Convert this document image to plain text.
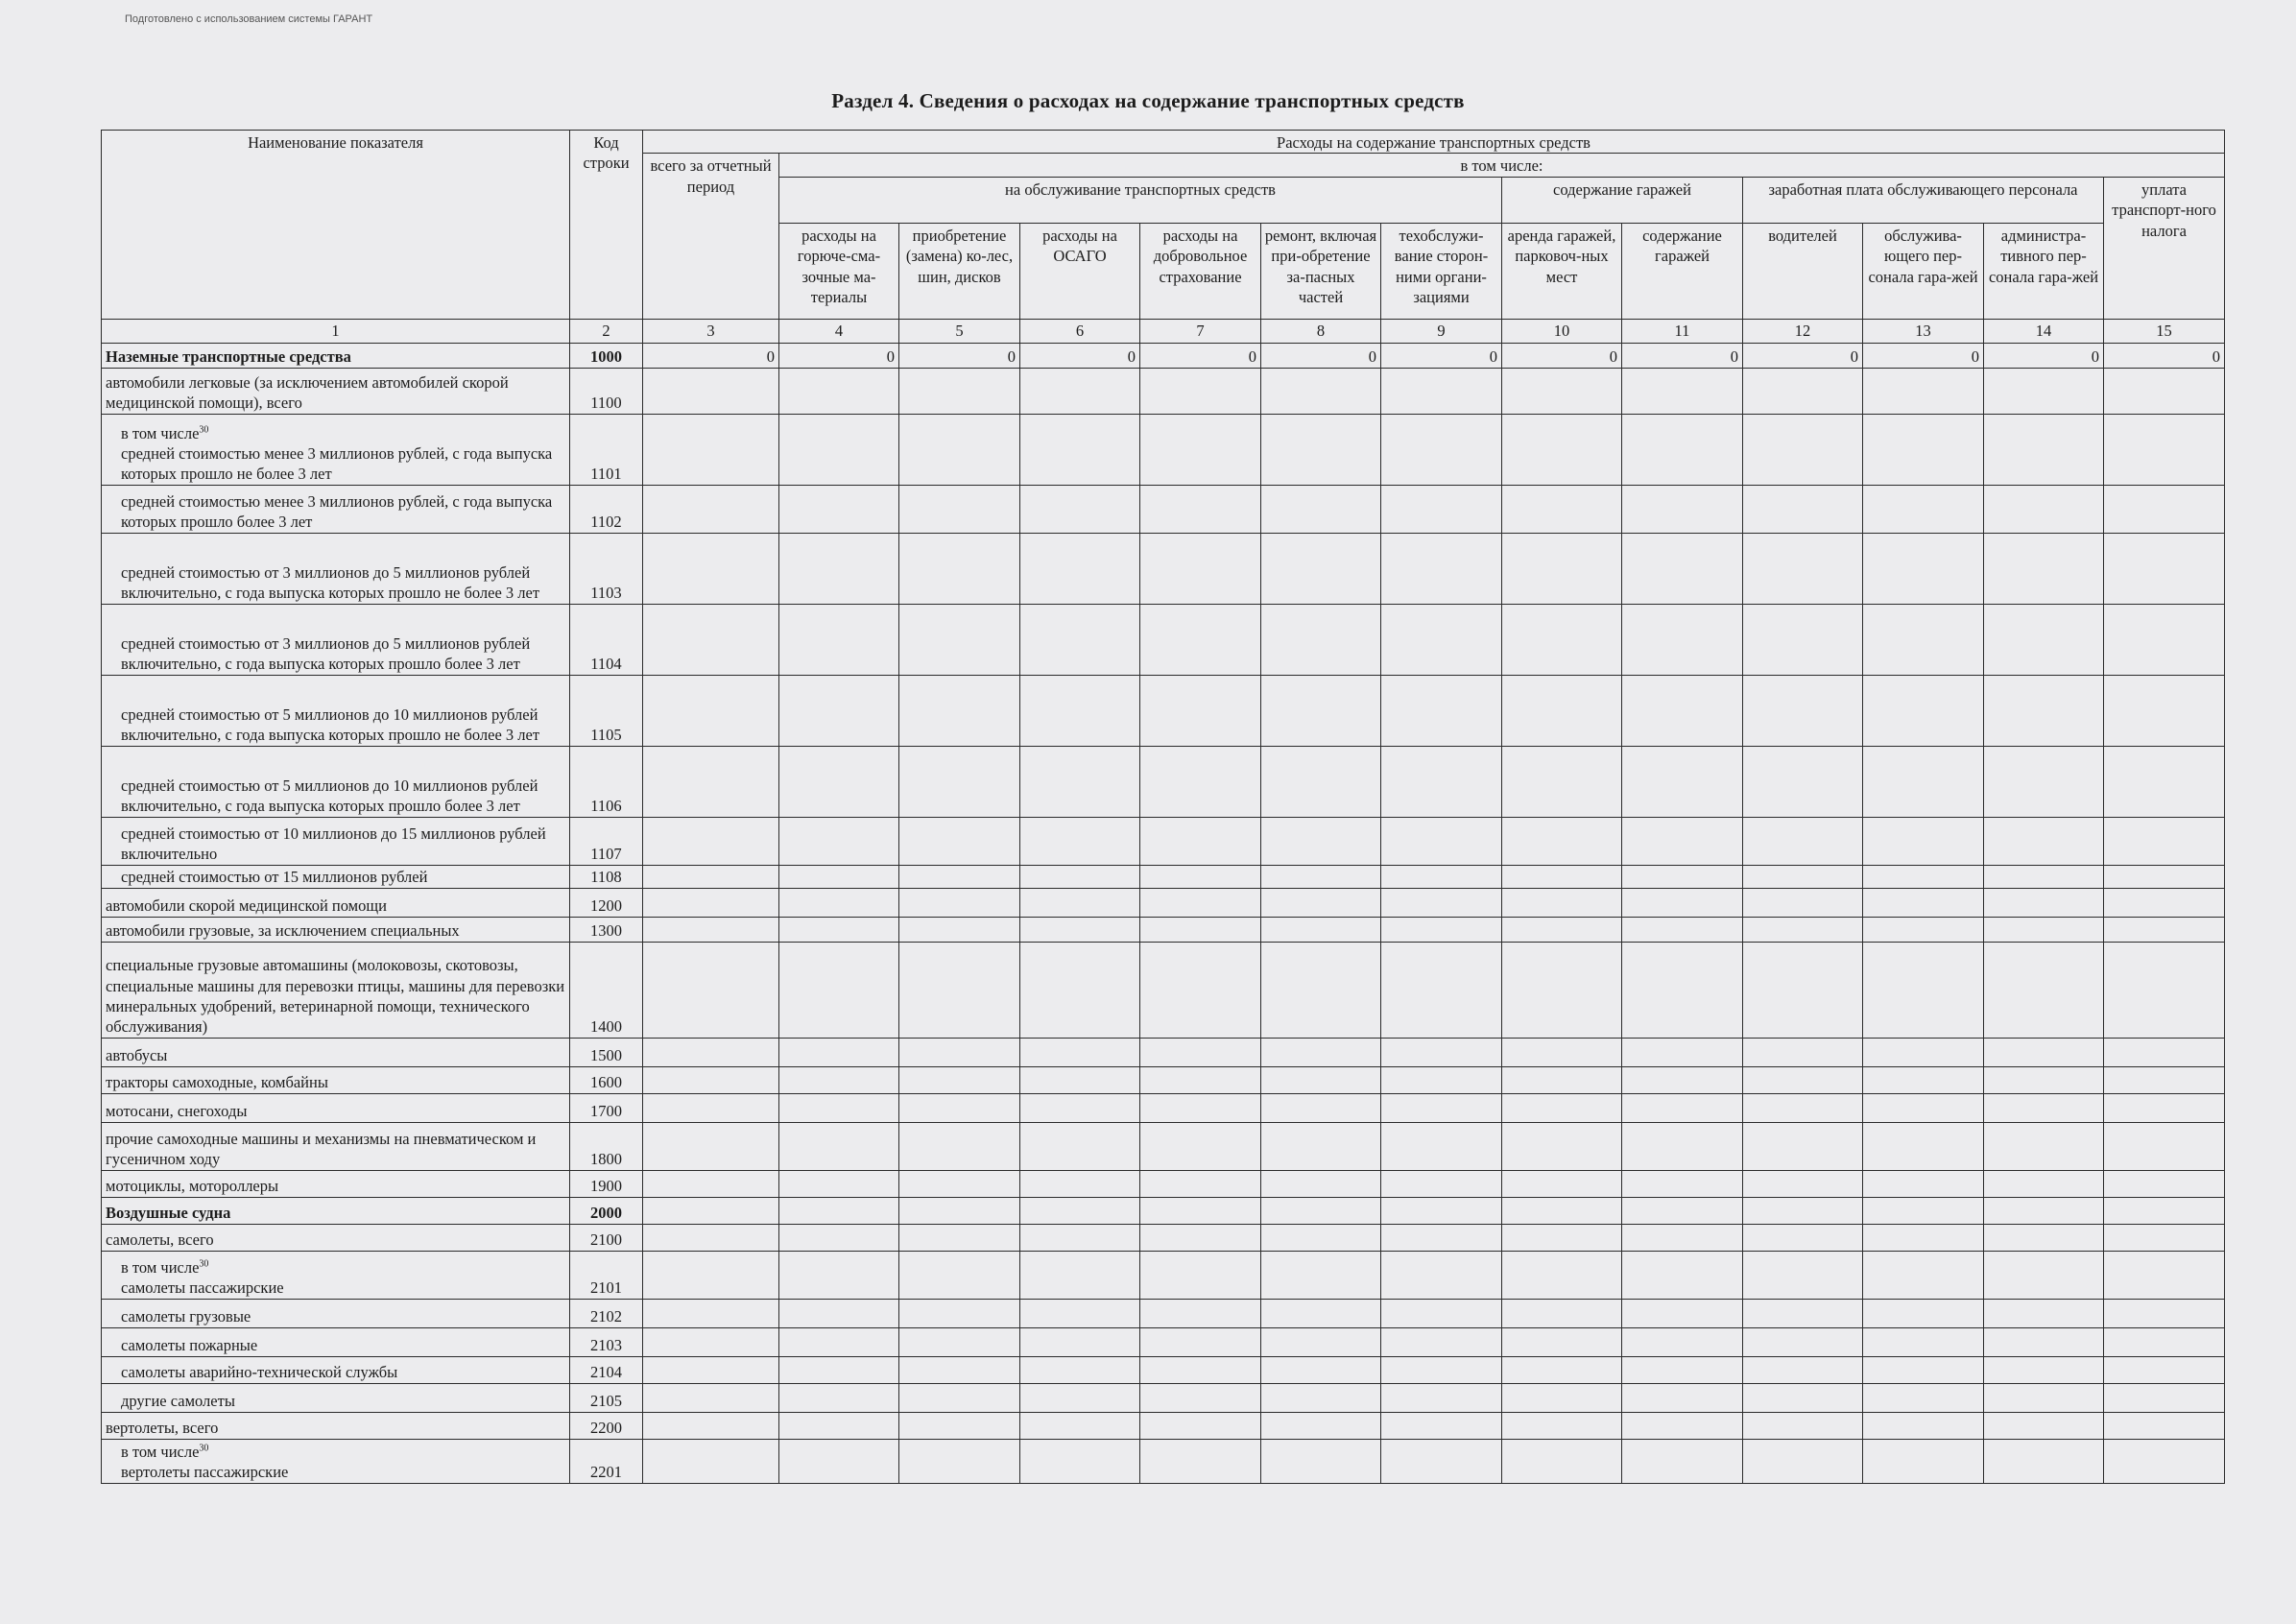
Подготовлено с использованием системы ГАРАНТ
Раздел 4. Сведения о расходах на содержание транспортных средств
Наименование показателя	Код строки	Расходы на содержание транспортных средств												
		всего за отчетный период	в том числе:											
			на обслуживание транспортных средств						содержание гаражей		заработная плата обслуживающего персонала			уплата транспорт-ного налога
			расходы на горюче-сма-зочные ма-териалы	приобретение (замена) ко-лес, шин, дисков	расходы на ОСАГО	расходы на добровольное страхование	ремонт, включая при-обретение за-пасных частей	техобслужи-вание сторон-ними органи-зациями	аренда гаражей, парковоч-ных мест	содержание гаражей	водителей	обслужива-ющего пер-сонала гара-жей	администра-тивного пер-сонала гара-жей	
1	2	3	4	5	6	7	8	9	10	11	12	13	14	15
Наземные транспортные средства	1000	0	0	0	0	0	0	0	0	0	0	0	0	0
автомобили легковые (за исключением автомобилей скорой медицинской помощи), всего	1100													

в том числе$^{30}$
средней стоимостью менее 3 миллионов рублей, с года выпуска которых прошло не более 3 лет	1101													
средней стоимостью менее 3 миллионов рублей, с года выпуска которых прошло более 3 лет	1102													
средней стоимостью от 3 миллионов до 5 миллионов рублей включительно, с года выпуска которых прошло не более 3 лет	1103													
средней стоимостью от 3 миллионов до 5 миллионов рублей включительно, с года выпуска которых прошло более 3 лет	1104													
средней стоимостью от 5 миллионов до 10 миллионов рублей включительно, с года выпуска которых прошло не более 3 лет	1105													
средней стоимостью от 5 миллионов до 10 миллионов рублей включительно, с года выпуска которых прошло более 3 лет	1106													
средней стоимостью от 10 миллионов до 15 миллионов рублей включительно	1107													
средней стоимостью от 15 миллионов рублей	1108													
автомобили скорой медицинской помощи	1200													
автомобили грузовые, за исключением специальных	1300													
специальные грузовые автомашины (молоковозы, скотовозы, специальные машины для перевозки птицы, машины для перевозки минеральных удобрений, ветеринарной помощи, технического обслуживания)	1400													
автобусы	1500													
тракторы самоходные, комбайны	1600													
мотосани, снегоходы	1700													
прочие самоходные машины и механизмы на пневматическом и гусеничном ходу	1800													
мотоциклы, мотороллеры	1900													
Воздушные судна	2000													
самолеты, всего	2100													

в том числе$^{30}$
самолеты пассажирские	2101													
самолеты грузовые	2102													
самолеты пожарные	2103													
самолеты аварийно-технической службы	2104													
другие самолеты	2105													
вертолеты, всего	2200													

в том числе$^{30}$
вертолеты пассажирские	2201													
